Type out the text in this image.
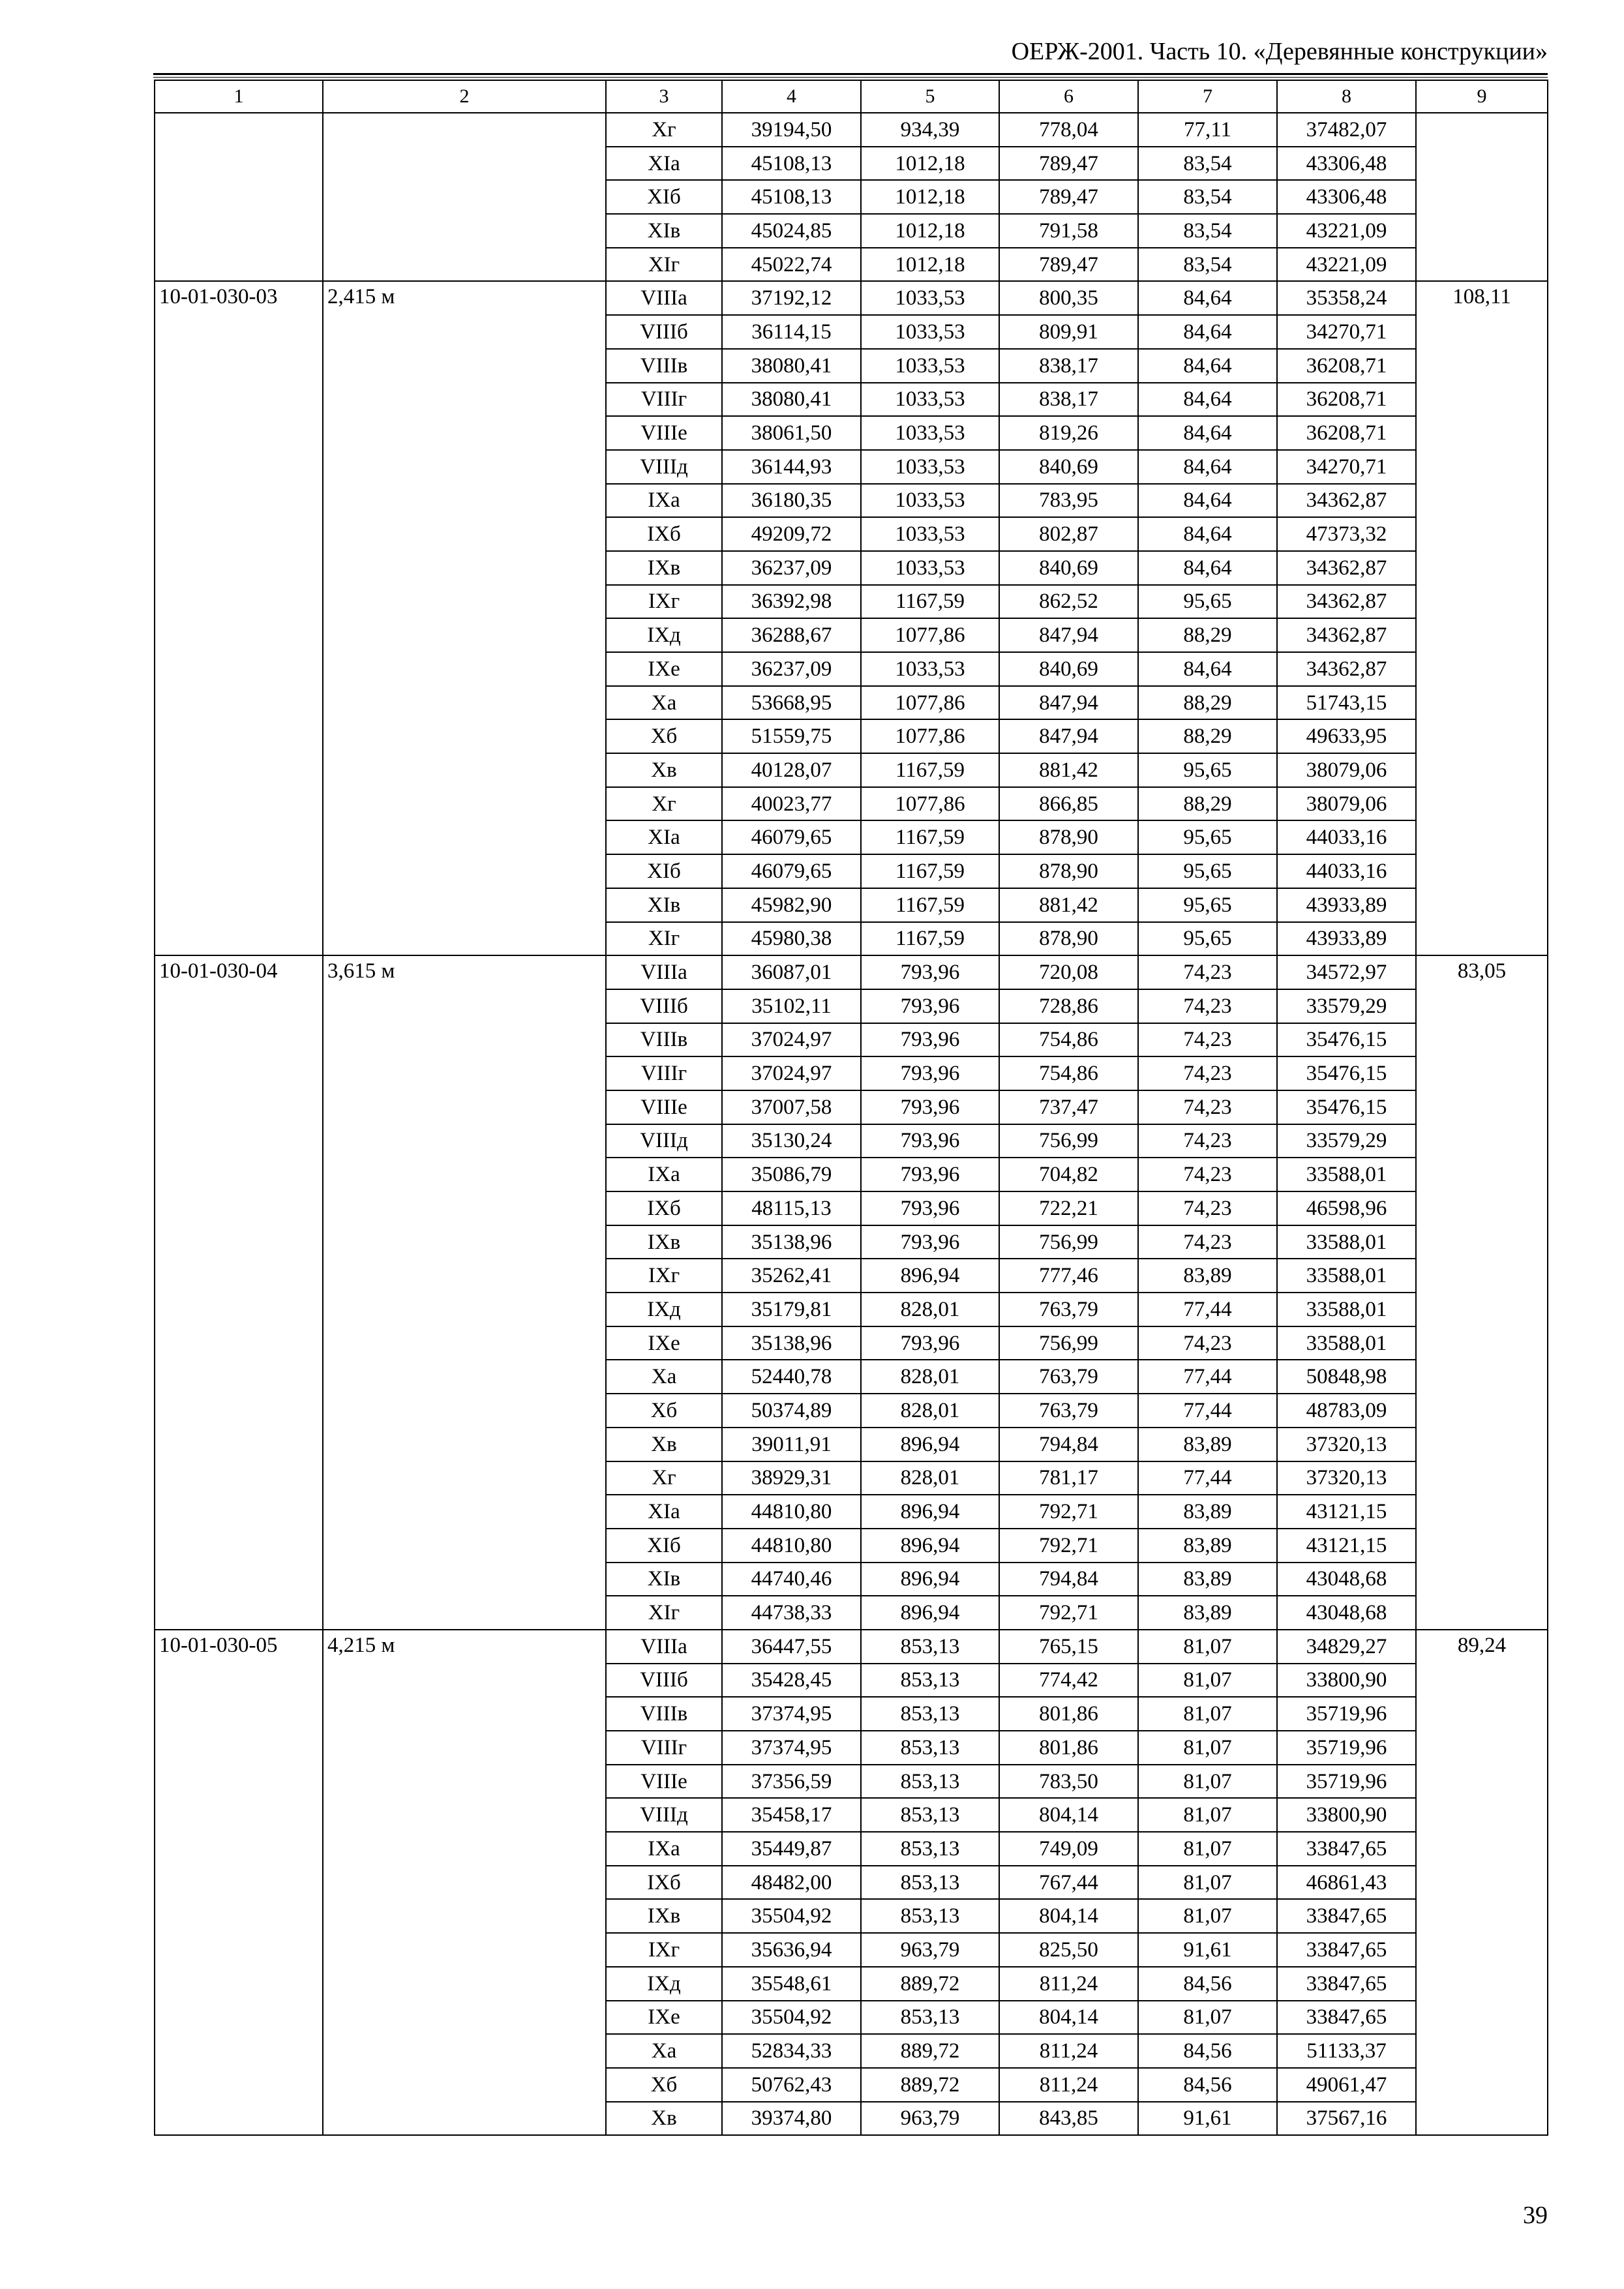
ОЕРЖ-2001. Часть 10. «Деревянные конструкции»
1	2	3	4	5	6	7	8	9
		Xг	39194,50	934,39	778,04	77,11	37482,07	
		XIа	45108,13	1012,18	789,47	83,54	43306,48	
		XIб	45108,13	1012,18	789,47	83,54	43306,48	
		XIв	45024,85	1012,18	791,58	83,54	43221,09	
		XIг	45022,74	1012,18	789,47	83,54	43221,09	
10-01-030-03	2,415 м	VIIIа	37192,12	1033,53	800,35	84,64	35358,24	108,11
		VIIIб	36114,15	1033,53	809,91	84,64	34270,71	
		VIIIв	38080,41	1033,53	838,17	84,64	36208,71	
		VIIIг	38080,41	1033,53	838,17	84,64	36208,71	
		VIIIе	38061,50	1033,53	819,26	84,64	36208,71	
		VIIIд	36144,93	1033,53	840,69	84,64	34270,71	
		IXа	36180,35	1033,53	783,95	84,64	34362,87	
		IXб	49209,72	1033,53	802,87	84,64	47373,32	
		IXв	36237,09	1033,53	840,69	84,64	34362,87	
		IXг	36392,98	1167,59	862,52	95,65	34362,87	
		IXд	36288,67	1077,86	847,94	88,29	34362,87	
		IXе	36237,09	1033,53	840,69	84,64	34362,87	
		Xа	53668,95	1077,86	847,94	88,29	51743,15	
		Xб	51559,75	1077,86	847,94	88,29	49633,95	
		Xв	40128,07	1167,59	881,42	95,65	38079,06	
		Xг	40023,77	1077,86	866,85	88,29	38079,06	
		XIа	46079,65	1167,59	878,90	95,65	44033,16	
		XIб	46079,65	1167,59	878,90	95,65	44033,16	
		XIв	45982,90	1167,59	881,42	95,65	43933,89	
		XIг	45980,38	1167,59	878,90	95,65	43933,89	
10-01-030-04	3,615 м	VIIIа	36087,01	793,96	720,08	74,23	34572,97	83,05
		VIIIб	35102,11	793,96	728,86	74,23	33579,29	
		VIIIв	37024,97	793,96	754,86	74,23	35476,15	
		VIIIг	37024,97	793,96	754,86	74,23	35476,15	
		VIIIе	37007,58	793,96	737,47	74,23	35476,15	
		VIIIд	35130,24	793,96	756,99	74,23	33579,29	
		IXа	35086,79	793,96	704,82	74,23	33588,01	
		IXб	48115,13	793,96	722,21	74,23	46598,96	
		IXв	35138,96	793,96	756,99	74,23	33588,01	
		IXг	35262,41	896,94	777,46	83,89	33588,01	
		IXд	35179,81	828,01	763,79	77,44	33588,01	
		IXе	35138,96	793,96	756,99	74,23	33588,01	
		Xа	52440,78	828,01	763,79	77,44	50848,98	
		Xб	50374,89	828,01	763,79	77,44	48783,09	
		Xв	39011,91	896,94	794,84	83,89	37320,13	
		Xг	38929,31	828,01	781,17	77,44	37320,13	
		XIа	44810,80	896,94	792,71	83,89	43121,15	
		XIб	44810,80	896,94	792,71	83,89	43121,15	
		XIв	44740,46	896,94	794,84	83,89	43048,68	
		XIг	44738,33	896,94	792,71	83,89	43048,68	
10-01-030-05	4,215 м	VIIIа	36447,55	853,13	765,15	81,07	34829,27	89,24
		VIIIб	35428,45	853,13	774,42	81,07	33800,90	
		VIIIв	37374,95	853,13	801,86	81,07	35719,96	
		VIIIг	37374,95	853,13	801,86	81,07	35719,96	
		VIIIе	37356,59	853,13	783,50	81,07	35719,96	
		VIIIд	35458,17	853,13	804,14	81,07	33800,90	
		IXа	35449,87	853,13	749,09	81,07	33847,65	
		IXб	48482,00	853,13	767,44	81,07	46861,43	
		IXв	35504,92	853,13	804,14	81,07	33847,65	
		IXг	35636,94	963,79	825,50	91,61	33847,65	
		IXд	35548,61	889,72	811,24	84,56	33847,65	
		IXе	35504,92	853,13	804,14	81,07	33847,65	
		Xа	52834,33	889,72	811,24	84,56	51133,37	
		Xб	50762,43	889,72	811,24	84,56	49061,47	
		Xв	39374,80	963,79	843,85	91,61	37567,16	
39
